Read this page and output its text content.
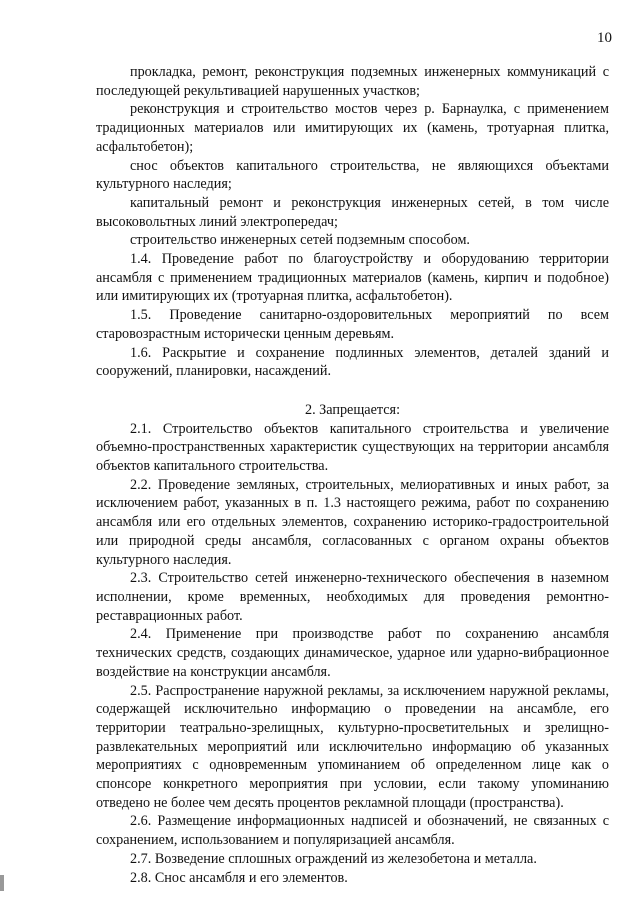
10

прокладка, ремонт, реконструкция подземных инженерных коммуникаций с последующей рекультивацией нарушенных участков;

реконструкция и строительство мостов через р. Барнаулка, с применением традиционных материалов или имитирующих их (камень, тротуарная плитка, асфальтобетон);

снос объектов капитального строительства, не являющихся объектами культурного наследия;

капитальный ремонт и реконструкция инженерных сетей, в том числе высоковольтных линий электропередач;

строительство инженерных сетей подземным способом.

1.4. Проведение работ по благоустройству и оборудованию территории ансамбля с применением традиционных материалов (камень, кирпич и подобное) или имитирующих их (тротуарная плитка, асфальтобетон).

1.5. Проведение санитарно-оздоровительных мероприятий по всем старовозрастным исторически ценным деревьям.

1.6. Раскрытие и сохранение подлинных элементов, деталей зданий и сооружений, планировки, насаждений.

2. Запрещается:

2.1. Строительство объектов капитального строительства и увеличение объемно-пространственных характеристик существующих на территории ансамбля объектов капитального строительства.

2.2. Проведение земляных, строительных, мелиоративных и иных работ, за исключением работ, указанных в п. 1.3 настоящего режима, работ по сохранению ансамбля или его отдельных элементов, сохранению историко-градостроительной или природной среды ансамбля, согласованных с органом охраны объектов культурного наследия.

2.3. Строительство сетей инженерно-технического обеспечения в наземном исполнении, кроме временных, необходимых для проведения ремонтно-реставрационных работ.

2.4. Применение при производстве работ по сохранению ансамбля технических средств, создающих динамическое, ударное или ударно-вибрационное воздействие на конструкции ансамбля.

2.5. Распространение наружной рекламы, за исключением наружной рекламы, содержащей исключительно информацию о проведении на ансамбле, его территории театрально-зрелищных, культурно-просветительных и зрелищно-развлекательных мероприятий или исключительно информацию об указанных мероприятиях с одновременным упоминанием об определенном лице как о спонсоре конкретного мероприятия при условии, если такому упоминанию отведено не более чем десять процентов рекламной площади (пространства).

2.6. Размещение информационных надписей и обозначений, не связанных с сохранением, использованием и популяризацией ансамбля.

2.7. Возведение сплошных ограждений из железобетона и металла.

2.8. Снос ансамбля и его элементов.
